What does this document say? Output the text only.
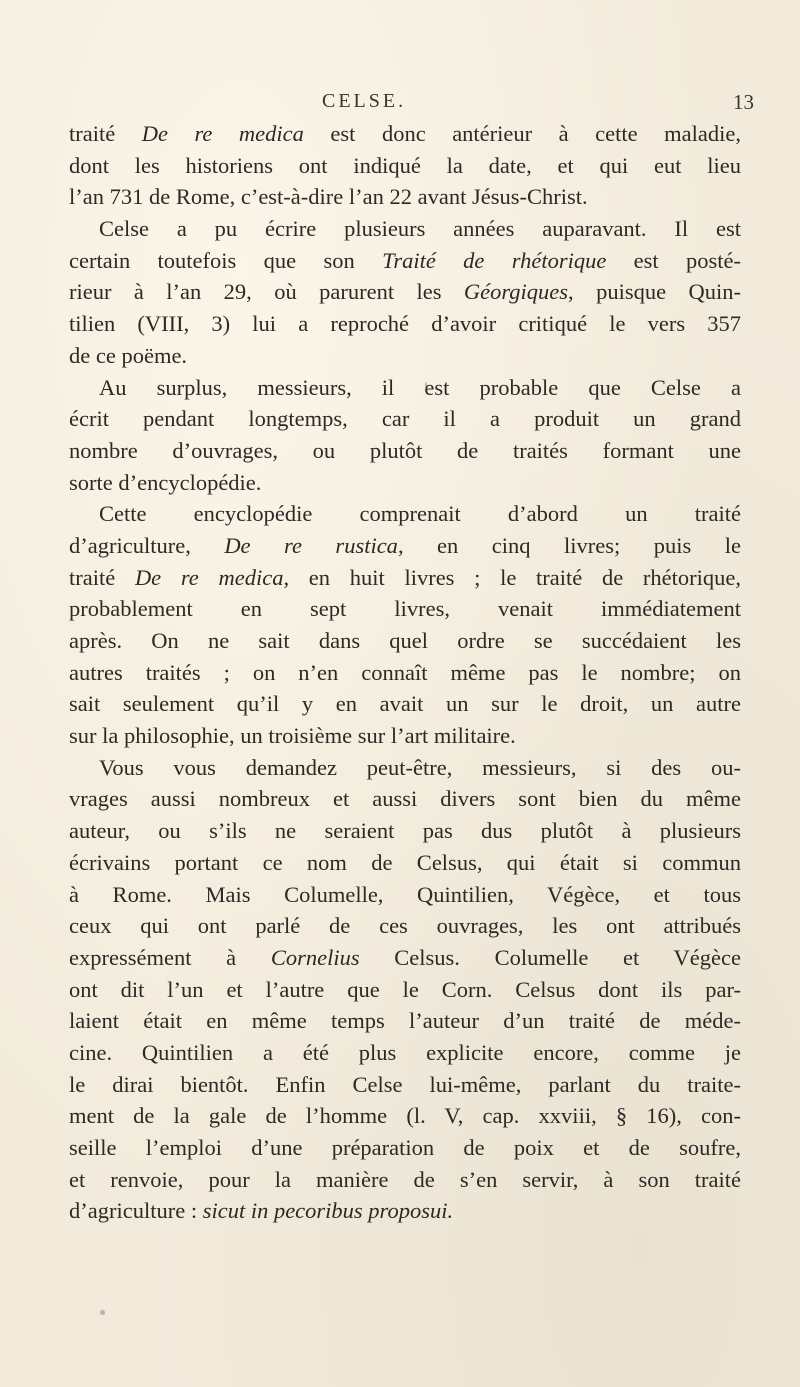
CELSE.	13
traité De re medica est donc antérieur à cette maladie,
dont les historiens ont indiqué la date, et qui eut lieu
l’an 731 de Rome, c’est-à-dire l’an 22 avant Jésus-Christ.
Celse a pu écrire plusieurs années auparavant. Il est
certain toutefois que son Traité de rhétorique est posté-
rieur à l’an 29, où parurent les Géorgiques, puisque Quin-
tilien (VIII, 3) lui a reproché d’avoir critiqué le vers 357
de ce poëme.
Au surplus, messieurs, il est probable que Celse a
écrit pendant longtemps, car il a produit un grand
nombre d’ouvrages, ou plutôt de traités formant une
sorte d’encyclopédie.
Cette encyclopédie comprenait d’abord un traité
d’agriculture, De re rustica, en cinq livres; puis le
traité De re medica, en huit livres ; le traité de rhétorique,
probablement en sept livres, venait immédiatement
après. On ne sait dans quel ordre se succédaient les
autres traités ; on n’en connaît même pas le nombre; on
sait seulement qu’il y en avait un sur le droit, un autre
sur la philosophie, un troisième sur l’art militaire.
Vous vous demandez peut-être, messieurs, si des ou-
vrages aussi nombreux et aussi divers sont bien du même
auteur, ou s’ils ne seraient pas dus plutôt à plusieurs
écrivains portant ce nom de Celsus, qui était si commun
à Rome. Mais Columelle, Quintilien, Végèce, et tous
ceux qui ont parlé de ces ouvrages, les ont attribués
expressément à Cornelius Celsus. Columelle et Végèce
ont dit l’un et l’autre que le Corn. Celsus dont ils par-
laient était en même temps l’auteur d’un traité de méde-
cine. Quintilien a été plus explicite encore, comme je
le dirai bientôt. Enfin Celse lui-même, parlant du traite-
ment de la gale de l’homme (l. V, cap. xxviii, § 16), con-
seille l’emploi d’une préparation de poix et de soufre,
et renvoie, pour la manière de s’en servir, à son traité
d’agriculture : sicut in pecoribus proposui.
